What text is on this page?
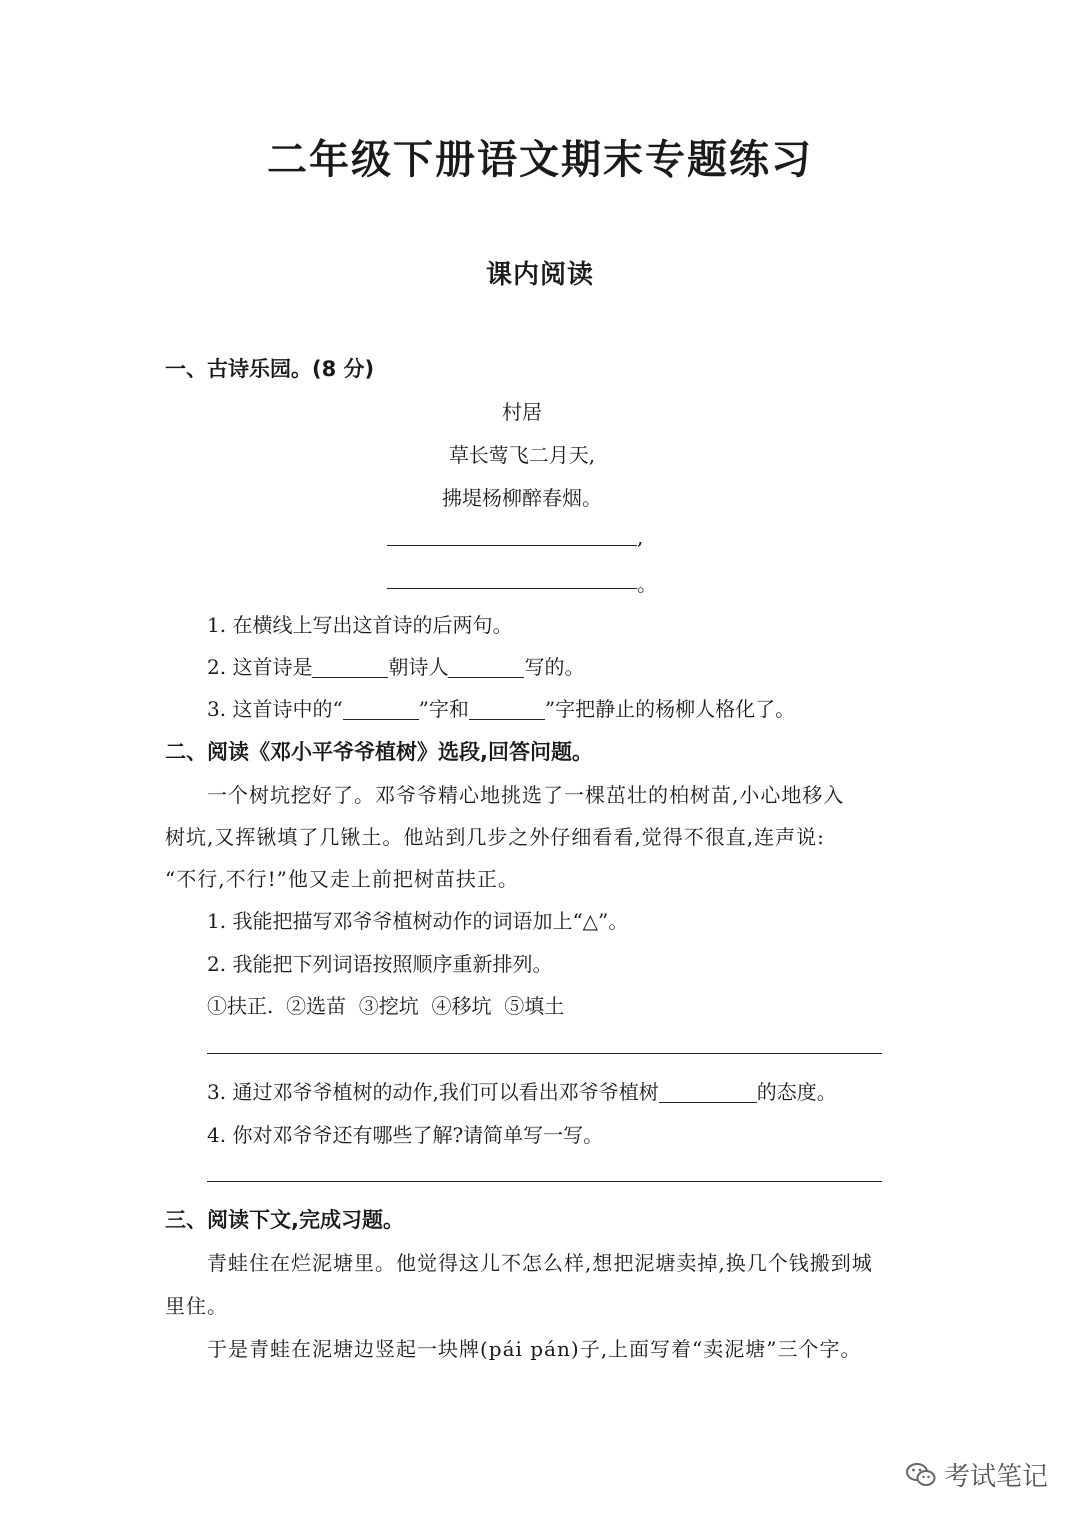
二年级下册语文期末专题练习
课内阅读
一、古诗乐园。(8 分)
村居
草长莺飞二月天,
拂堤杨柳醉春烟。
,
。
1. 在横线上写出这首诗的后两句。
2. 这首诗是	朝诗人	写的。
3. 这首诗中的“	”字和	”字把静止的杨柳人格化了。
二、阅读《邓小平爷爷植树》选段,回答问题。
一个树坑挖好了。邓爷爷精心地挑选了一棵茁壮的柏树苗,小心地移入
树坑,又挥锹填了几锹土。他站到几步之外仔细看看,觉得不很直,连声说:
“不行,不行!”他又走上前把树苗扶正。
1. 我能把描写邓爷爷植树动作的词语加上“△”。
2. 我能把下列词语按照顺序重新排列。
①扶正.  ②选苗  ③挖坑  ④移坑  ⑤填土
3. 通过邓爷爷植树的动作,我们可以看出邓爷爷植树	的态度。
4. 你对邓爷爷还有哪些了解?请简单写一写。
三、阅读下文,完成习题。
青蛙住在烂泥塘里。他觉得这儿不怎么样,想把泥塘卖掉,换几个钱搬到城
里住。
于是青蛙在泥塘边竖起一块牌(pái pán)子,上面写着“卖泥塘”三个字。
考试笔记
